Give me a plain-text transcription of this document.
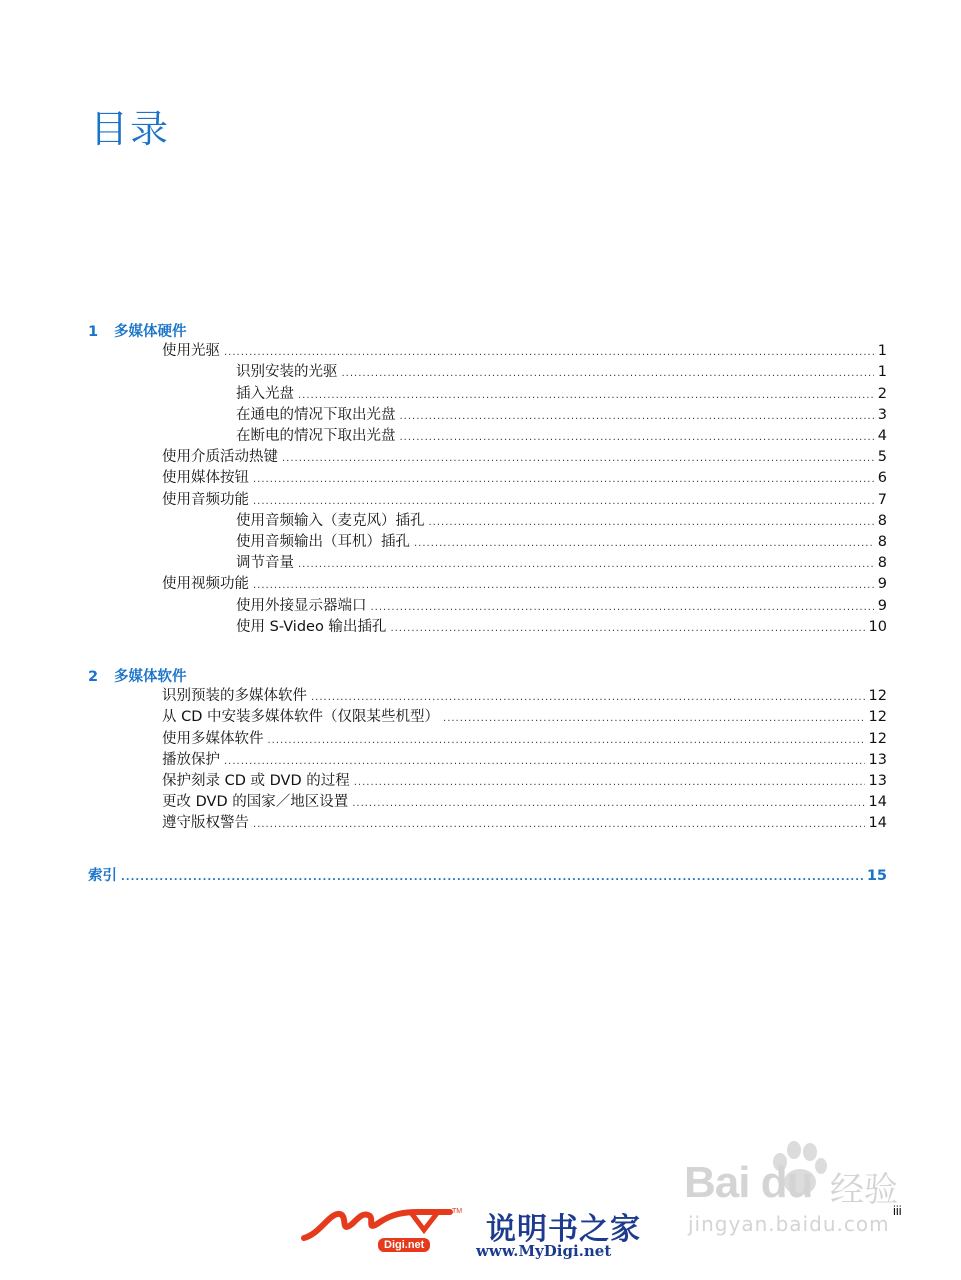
目录
1 多媒体硬件
使用光驱 .....	1
识别安装的光驱 .....	1
插入光盘 .....	2
在通电的情况下取出光盘 .....	3
在断电的情况下取出光盘 .....	4
使用介质活动热键 .....	5
使用媒体按钮 .....	6
使用音频功能 .....	7
使用音频输入（麦克风）插孔 .....	8
使用音频输出（耳机）插孔 .....	8
调节音量 .....	8
使用视频功能 .....	9
使用外接显示器端口 .....	9
使用 S-Video 输出插孔 .....	10
2 多媒体软件
识别预装的多媒体软件 .....	12
从 CD 中安装多媒体软件（仅限某些机型） .....	12
使用多媒体软件 .....	12
播放保护 .....	13
保护刻录 CD 或 DVD 的过程 .....	13
更改 DVD 的国家／地区设置 .....	14
遵守版权警告 .....	14
索引 .....	15
iii
Bai du 经验
jingyan.baidu.com
TM
Digi.net 说明书之家
www.MyDigi.net
